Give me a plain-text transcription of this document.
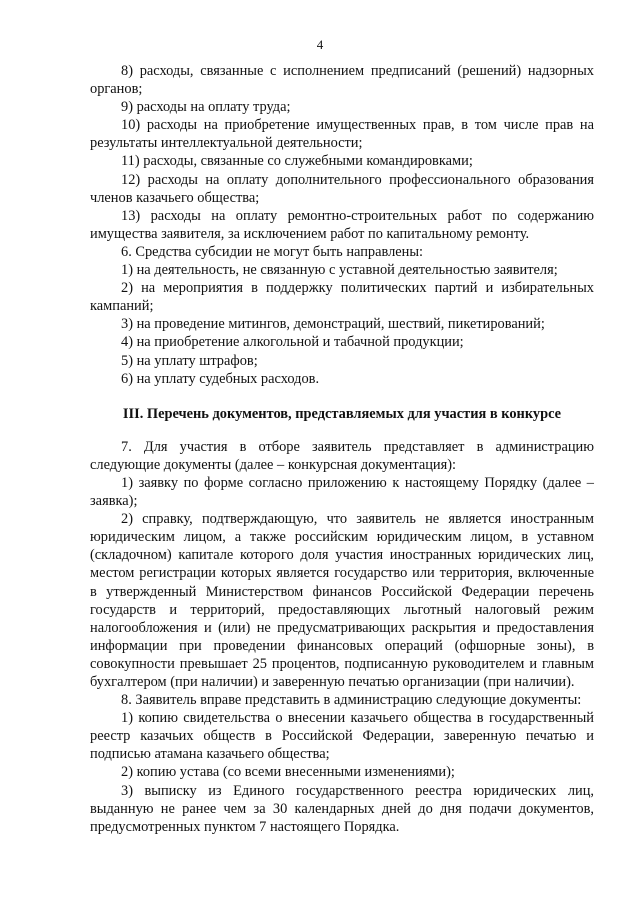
4

8) расходы, связанные с исполнением предписаний (решений) надзорных органов;

9) расходы на оплату труда;

10) расходы на приобретение имущественных прав, в том числе прав на результаты интеллектуальной деятельности;

11) расходы, связанные со служебными командировками;

12) расходы на оплату дополнительного профессионального образования членов казачьего общества;

13) расходы на оплату ремонтно-строительных работ по содержанию имущества заявителя, за исключением работ по капитальному ремонту.

6. Средства субсидии не могут быть направлены:

1) на деятельность, не связанную с уставной деятельностью заявителя;

2) на мероприятия в поддержку политических партий и избирательных кампаний;

3) на проведение митингов, демонстраций, шествий, пикетирований;

4) на приобретение алкогольной и табачной продукции;

5) на уплату штрафов;

6) на уплату судебных расходов.

III. Перечень документов, представляемых для участия в конкурсе

7. Для участия в отборе заявитель представляет в администрацию следующие документы (далее – конкурсная документация):

1) заявку по форме согласно приложению к настоящему Порядку (далее – заявка);

2) справку, подтверждающую, что заявитель не является иностранным юридическим лицом, а также российским юридическим лицом, в уставном (складочном) капитале которого доля участия иностранных юридических лиц, местом регистрации которых является государство или территория, включенные в утвержденный Министерством финансов Российской Федерации перечень государств и территорий, предоставляющих льготный налоговый режим налогообложения и (или) не предусматривающих раскрытия и предоставления информации при проведении финансовых операций (офшорные зоны), в совокупности превышает 25 процентов, подписанную руководителем и главным бухгалтером (при наличии) и заверенную печатью организации (при наличии).

8. Заявитель вправе представить в администрацию следующие документы:

1) копию свидетельства о внесении казачьего общества в государственный реестр казачьих обществ в Российской Федерации, заверенную печатью и подписью атамана казачьего общества;

2) копию устава (со всеми внесенными изменениями);

3) выписку из Единого государственного реестра юридических лиц, выданную не ранее чем за 30 календарных дней до дня подачи документов, предусмотренных пунктом 7 настоящего Порядка.
